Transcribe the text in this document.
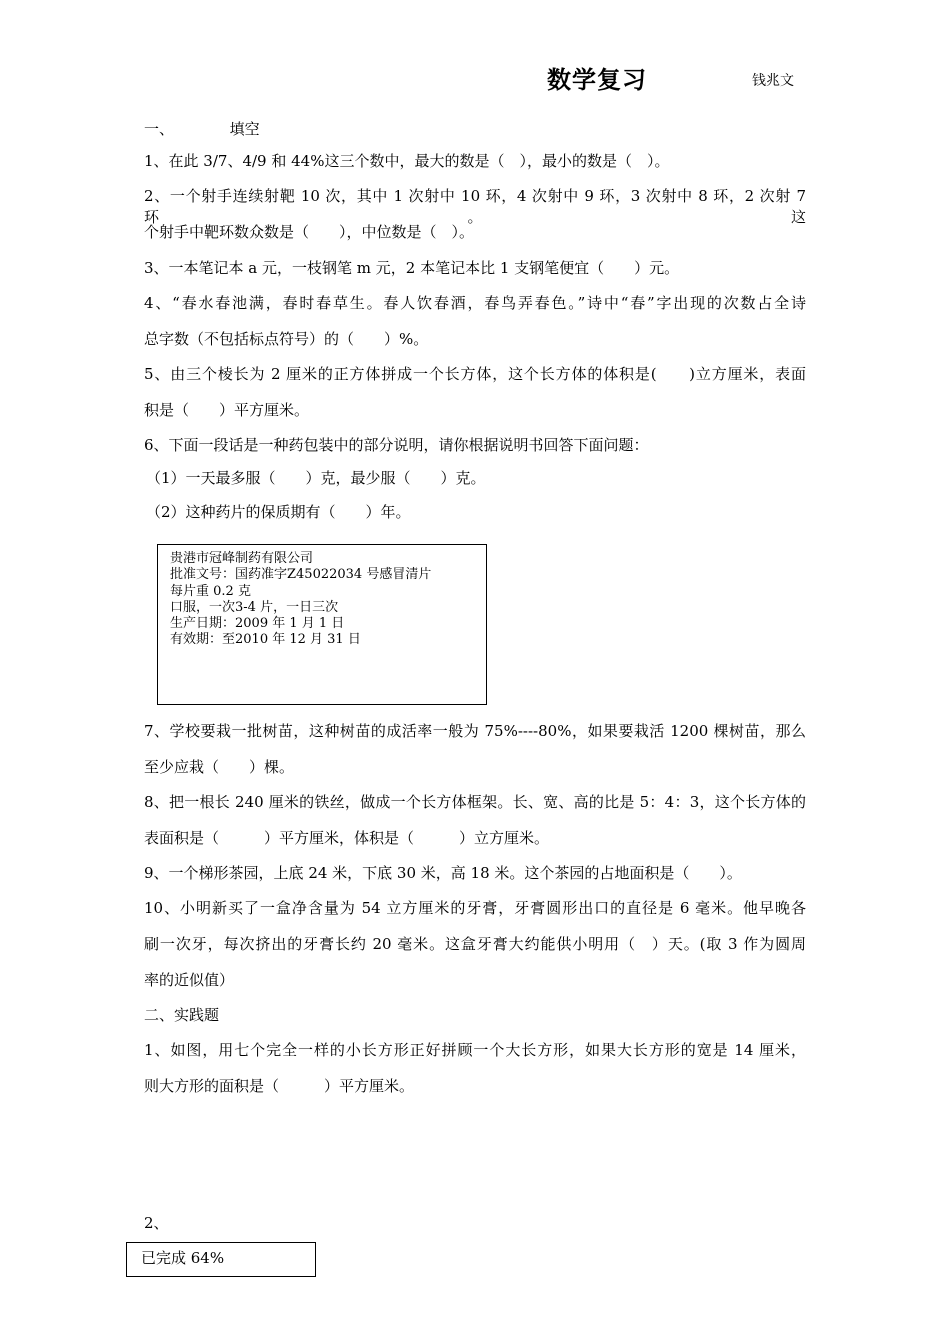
数学复习	钱兆文
一、	填空
1、在此 3/7、4/9 和 44%这三个数中，最大的数是（　），最小的数是（　）。
2、一个射手连续射靶 10 次，其中 1 次射中 10 环，4 次射中 9 环，3 次射中 8 环，2 次射 7 环。这
个射手中靶环数众数是（　　），中位数是（　）。
3、一本笔记本 a 元，一枝钢笔 m 元，2 本笔记本比 1 支钢笔便宜（　　）元。
4、“春水春池满，春时春草生。春人饮春酒，春鸟弄春色。”诗中“春”字出现的次数占全诗
总字数（不包括标点符号）的（　　）%。
5、由三个棱长为 2 厘米的正方体拼成一个长方体，这个长方体的体积是(　　)立方厘米，表面
积是（　　）平方厘米。
6、下面一段话是一种药包装中的部分说明，请你根据说明书回答下面问题：
（1）一天最多服（　　）克，最少服（　　）克。
（2）这种药片的保质期有（　　）年。
贵港市冠峰制药有限公司
批准文号：国药准字Z45022034 号感冒清片
每片重 0.2 克
口服，一次3-4 片，一日三次
生产日期：2009 年 1 月 1 日
有效期：至2010 年 12 月 31 日
7、学校要栽一批树苗，这种树苗的成活率一般为 75%----80%，如果要栽活 1200 棵树苗，那么
至少应栽（　　）棵。
8、把一根长 240 厘米的铁丝，做成一个长方体框架。长、宽、高的比是 5：4：3，这个长方体的
表面积是（　　　）平方厘米，体积是（　　　）立方厘米。
9、一个梯形茶园，上底 24 米，下底 30 米，高 18 米。这个茶园的占地面积是（　　）。
10、小明新买了一盒净含量为 54 立方厘米的牙膏，牙膏圆形出口的直径是 6 毫米。他早晚各
刷一次牙，每次挤出的牙膏长约 20 毫米。这盒牙膏大约能供小明用（　）天。(取 3 作为圆周
率的近似值）
二、实践题
1、如图，用七个完全一样的小长方形正好拼顾一个大长方形，如果大长方形的宽是 14 厘米，
则大方形的面积是（　　　）平方厘米。
2、
已完成 64%
